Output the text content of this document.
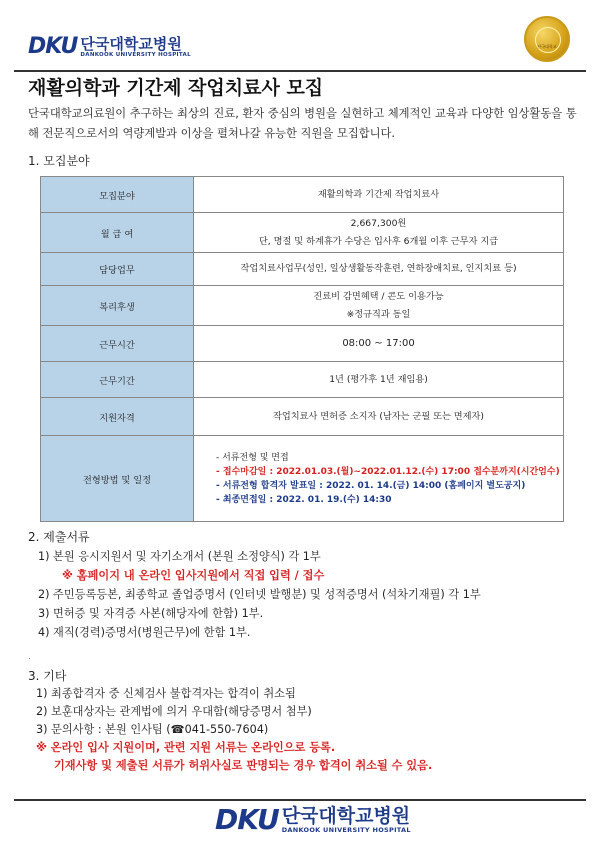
DKU 단국대학교병원
DANKOOK UNIVERSITY HOSPITAL
단국대학교
재활의학과 기간제 작업치료사 모집
단국대학교의료원이 추구하는 최상의 진료, 환자 중심의 병원을 실현하고 체계적인 교육과 다양한 임상활동을 통해 전문직으로서의 역량계발과 이상을 펼쳐나갈 유능한 직원을 모집합니다.
1. 모집분야
모집분야	재활의학과 기간제 작업치료사
월 급 여	2,667,300원
단, 명절 및 하계휴가 수당은 입사후 6개월 이후 근무자 지급

담당업무	작업치료사업무(성인, 일상생활동작훈련, 연하장애치료, 인지치료 등)
복리후생	진료비 감면혜택 / 콘도 이용가능
※정규직과 동일

근무시간	08:00 ~ 17:00
근무기간	1년 (평가후 1년 재임용)
지원자격	작업치료사 면허증 소지자 (남자는 군필 또는 면제자)
전형방법 및 일정	- 서류전형 및 면접
- 접수마감일 : 2022.01.03.(월)~2022.01.12.(수) 17:00 접수분까지(시간엄수)
- 서류전형 합격자 발표일 : 2022. 01. 14.(금) 14:00 (홈페이지 별도공지)
- 최종면접일 : 2022. 01. 19.(수) 14:30
2. 제출서류
1) 본원 응시지원서 및 자기소개서 (본원 소정양식) 각 1부
※ 홈페이지 내 온라인 입사지원에서 직접 입력 / 접수
2) 주민등록등본, 최종학교 졸업증명서 (인터넷 발행분) 및 성적증명서 (석차기재필) 각 1부
3) 면허증 및 자격증 사본(해당자에 한함) 1부.
4) 재직(경력)증명서(병원근무)에 한함 1부.
.
3. 기타
1) 최종합격자 중 신체검사 불합격자는 합격이 취소됨
2) 보훈대상자는 관계법에 의거 우대함(해당증명서 첨부)
3) 문의사항 : 본원 인사팀 (☎041-550-7604)
※ 온라인 입사 지원이며, 관련 지원 서류는 온라인으로 등록.
기재사항 및 제출된 서류가 허위사실로 판명되는 경우 합격이 취소될 수 있음.
DKU 단국대학교병원
DANKOOK UNIVERSITY HOSPITAL
